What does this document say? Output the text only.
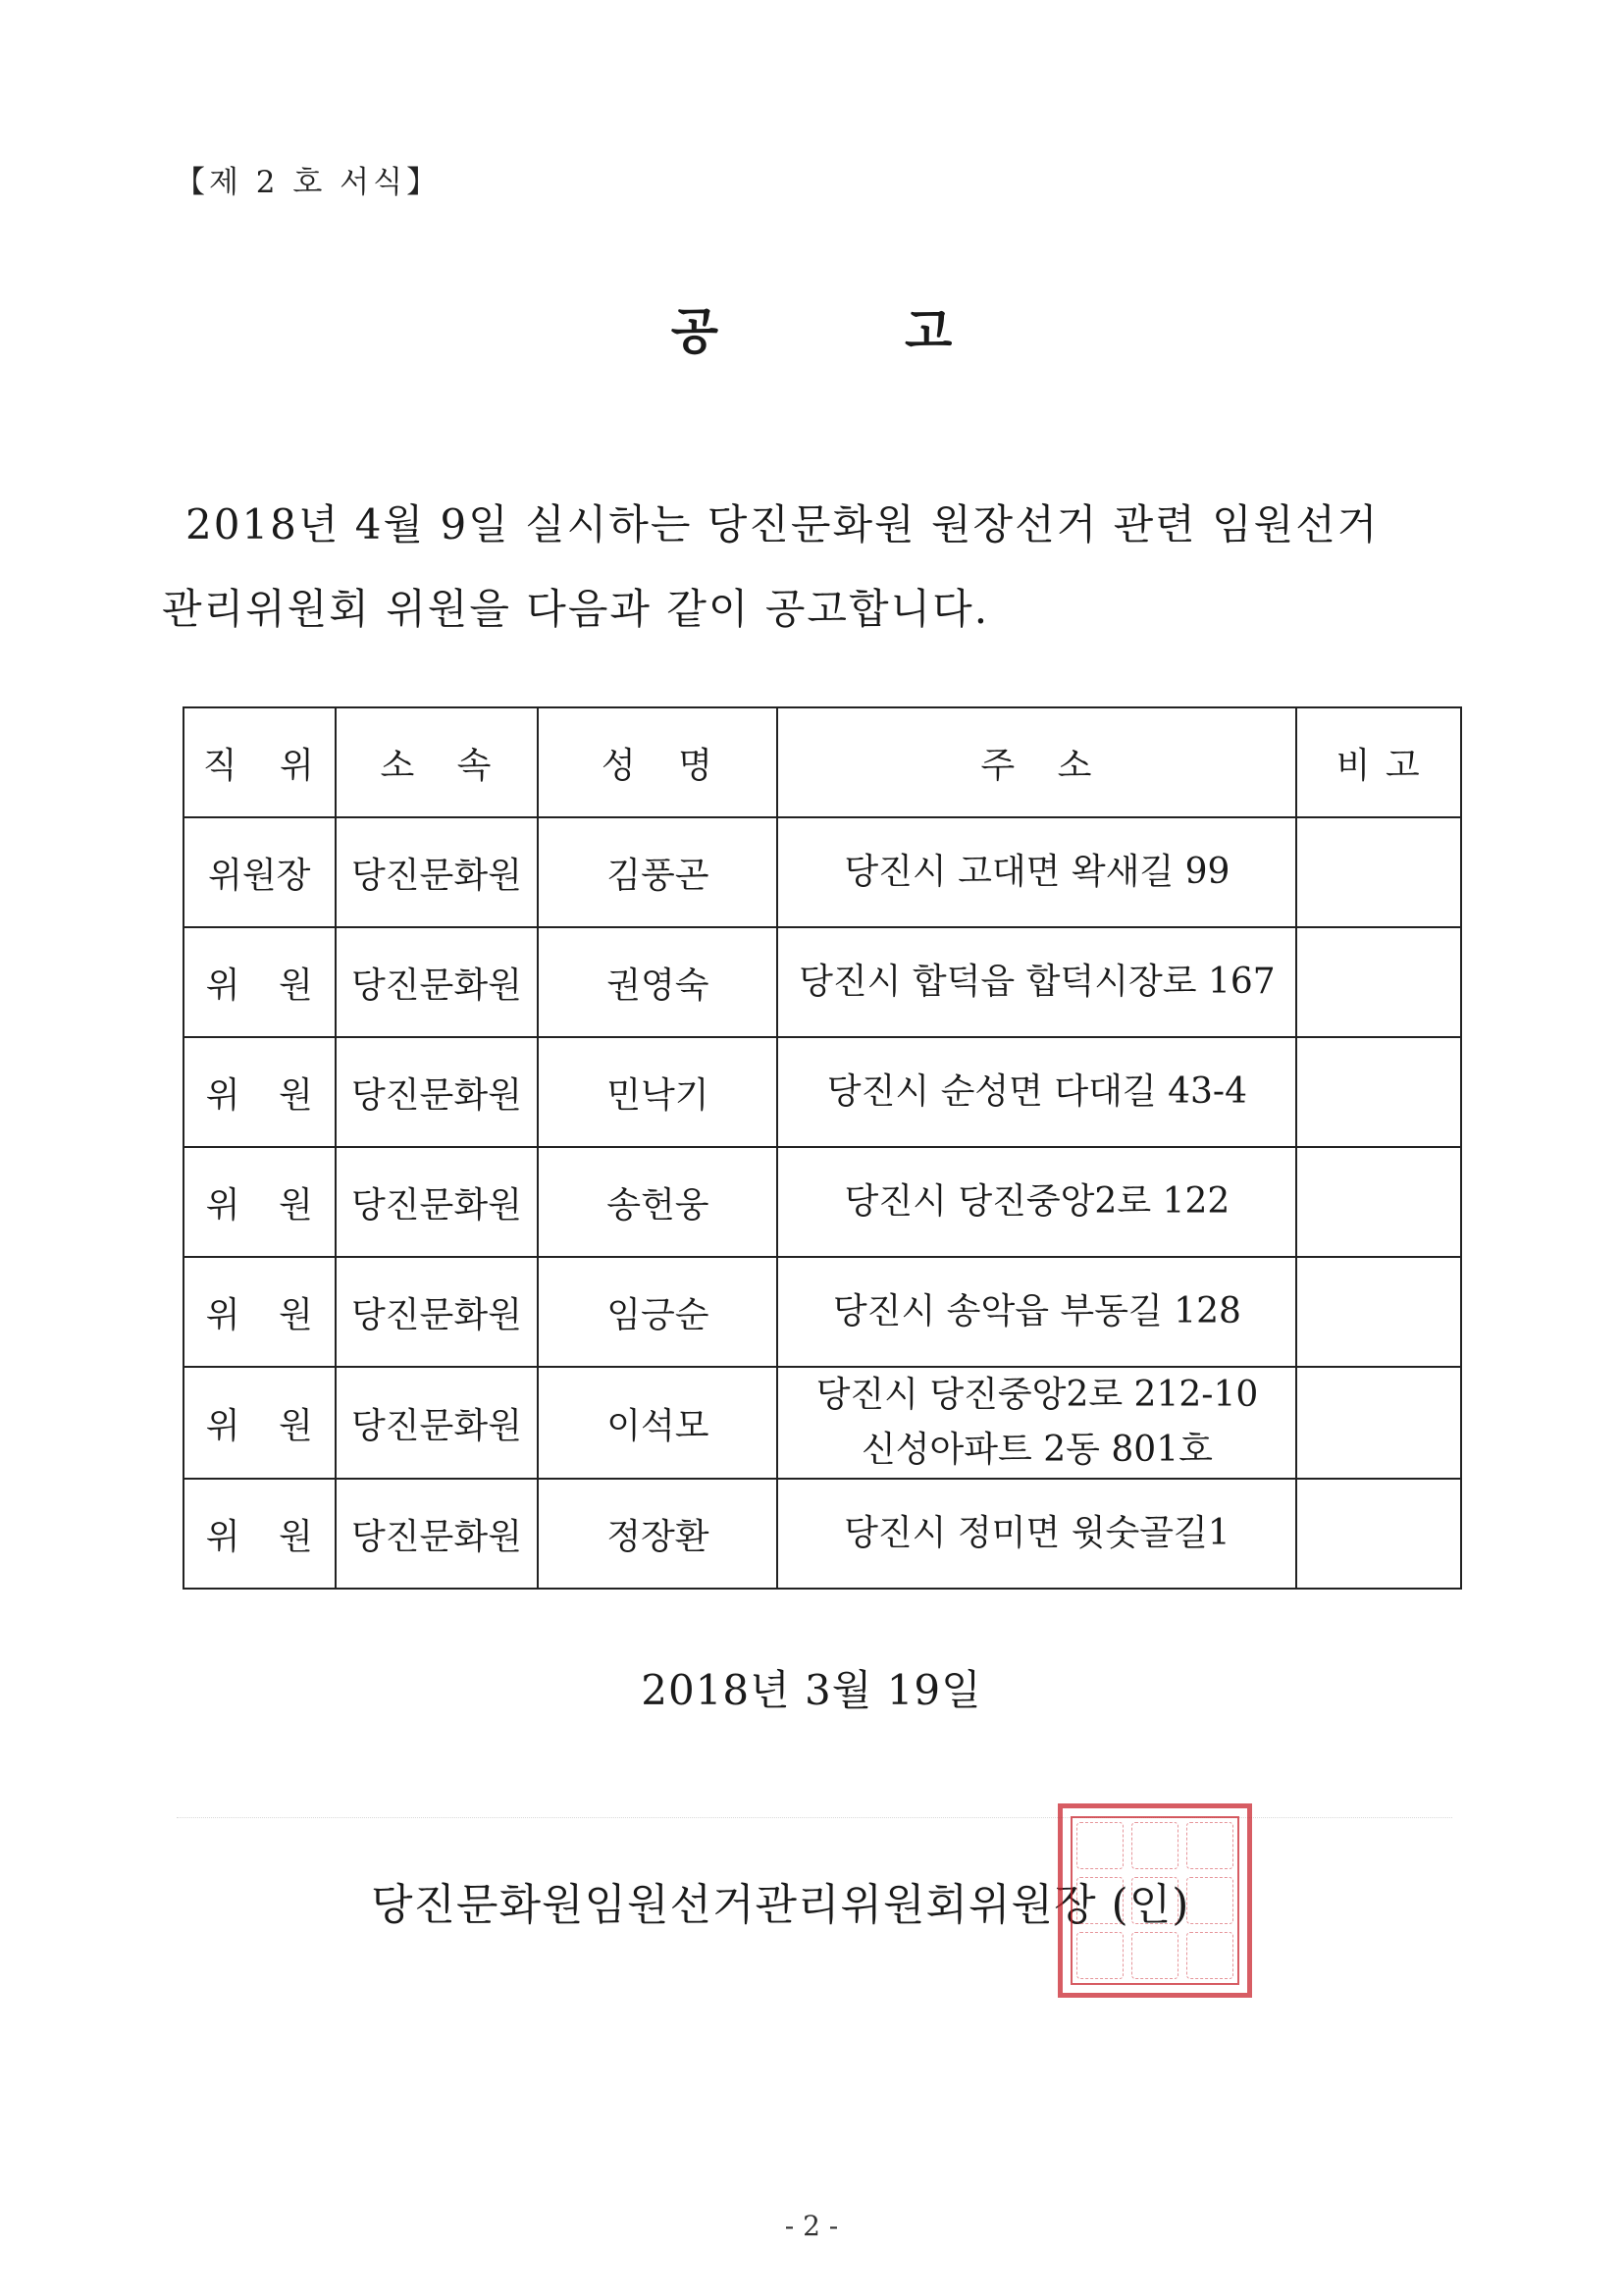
【제 2 호 서식】
공	고
2018년 4월 9일 실시하는 당진문화원 원장선거 관련 임원선거
관리위원회 위원을 다음과 같이 공고합니다.
직 위	소 속	성 명	주 소	비 고
위원장	당진문화원	김풍곤	당진시 고대면 왁새길 99	
위 원	당진문화원	권영숙	당진시 합덕읍 합덕시장로 167	
위 원	당진문화원	민낙기	당진시 순성면 다대길 43-4	
위 원	당진문화원	송헌웅	당진시 당진중앙2로 122	
위 원	당진문화원	임긍순	당진시 송악읍 부동길 128	
위 원	당진문화원	이석모	당진시 당진중앙2로 212-10
신성아파트 2동 801호	
위 원	당진문화원	정장환	당진시 정미면 윗숫골길1	
2018년 3월 19일
당진문화원임원선거관리위원회위원장 (인)
- 2 -
